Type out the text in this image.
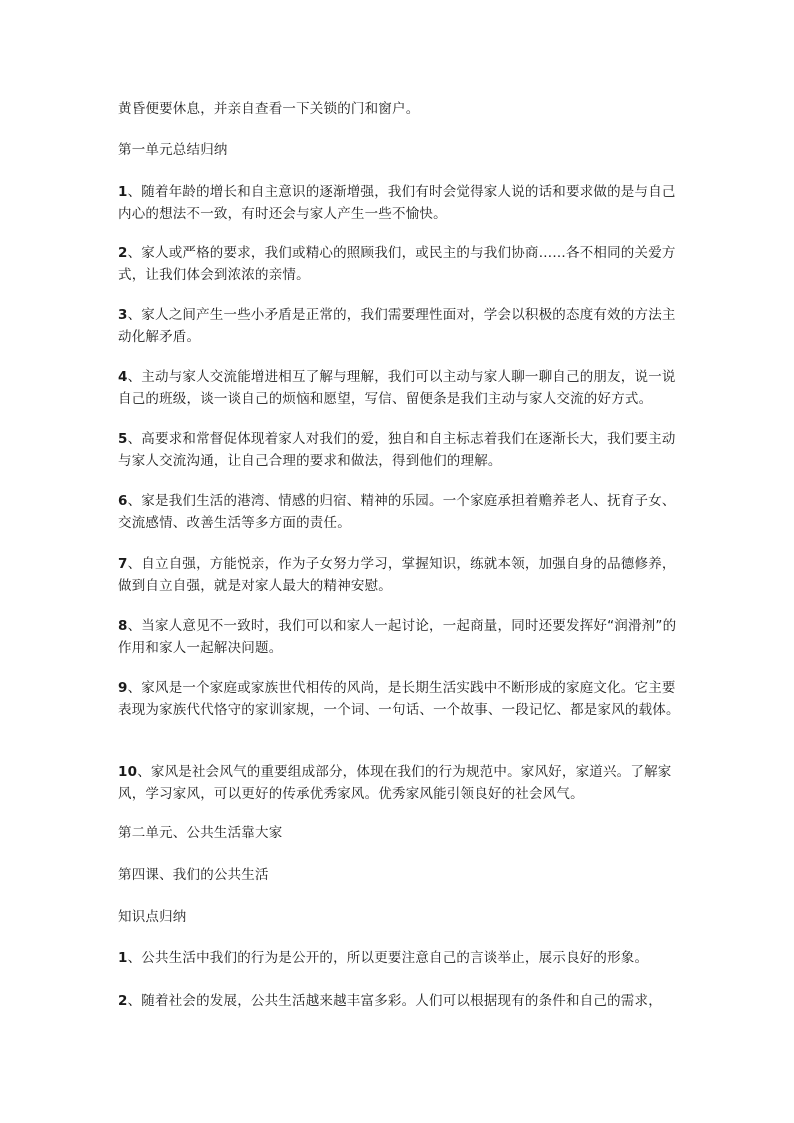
黄昏便要休息，并亲自查看一下关锁的门和窗户。

第一单元总结归纳

1、随着年龄的增长和自主意识的逐渐增强，我们有时会觉得家人说的话和要求做的是与自己内心的想法不一致，有时还会与家人产生一些不愉快。

2、家人或严格的要求，我们或精心的照顾我们，或民主的与我们协商……各不相同的关爱方式，让我们体会到浓浓的亲情。

3、家人之间产生一些小矛盾是正常的，我们需要理性面对，学会以积极的态度有效的方法主动化解矛盾。

4、主动与家人交流能增进相互了解与理解，我们可以主动与家人聊一聊自己的朋友，说一说自己的班级，谈一谈自己的烦恼和愿望，写信、留便条是我们主动与家人交流的好方式。

5、高要求和常督促体现着家人对我们的爱，独自和自主标志着我们在逐渐长大，我们要主动与家人交流沟通，让自己合理的要求和做法，得到他们的理解。

6、家是我们生活的港湾、情感的归宿、精神的乐园。一个家庭承担着赡养老人、抚育子女、交流感情、改善生活等多方面的责任。

7、自立自强，方能悦亲，作为子女努力学习，掌握知识，练就本领，加强自身的品德修养，做到自立自强，就是对家人最大的精神安慰。

8、当家人意见不一致时，我们可以和家人一起讨论，一起商量，同时还要发挥好“润滑剂”的作用和家人一起解决问题。

9、家风是一个家庭或家族世代相传的风尚，是长期生活实践中不断形成的家庭文化。它主要表现为家族代代恪守的家训家规，一个词、一句话、一个故事、一段记忆、都是家风的载体。

10、家风是社会风气的重要组成部分，体现在我们的行为规范中。家风好，家道兴。了解家风，学习家风，可以更好的传承优秀家风。优秀家风能引领良好的社会风气。

第二单元、公共生活靠大家

第四课、我们的公共生活

知识点归纳

1、公共生活中我们的行为是公开的，所以更要注意自己的言谈举止，展示良好的形象。

2、随着社会的发展，公共生活越来越丰富多彩。人们可以根据现有的条件和自己的需求，
